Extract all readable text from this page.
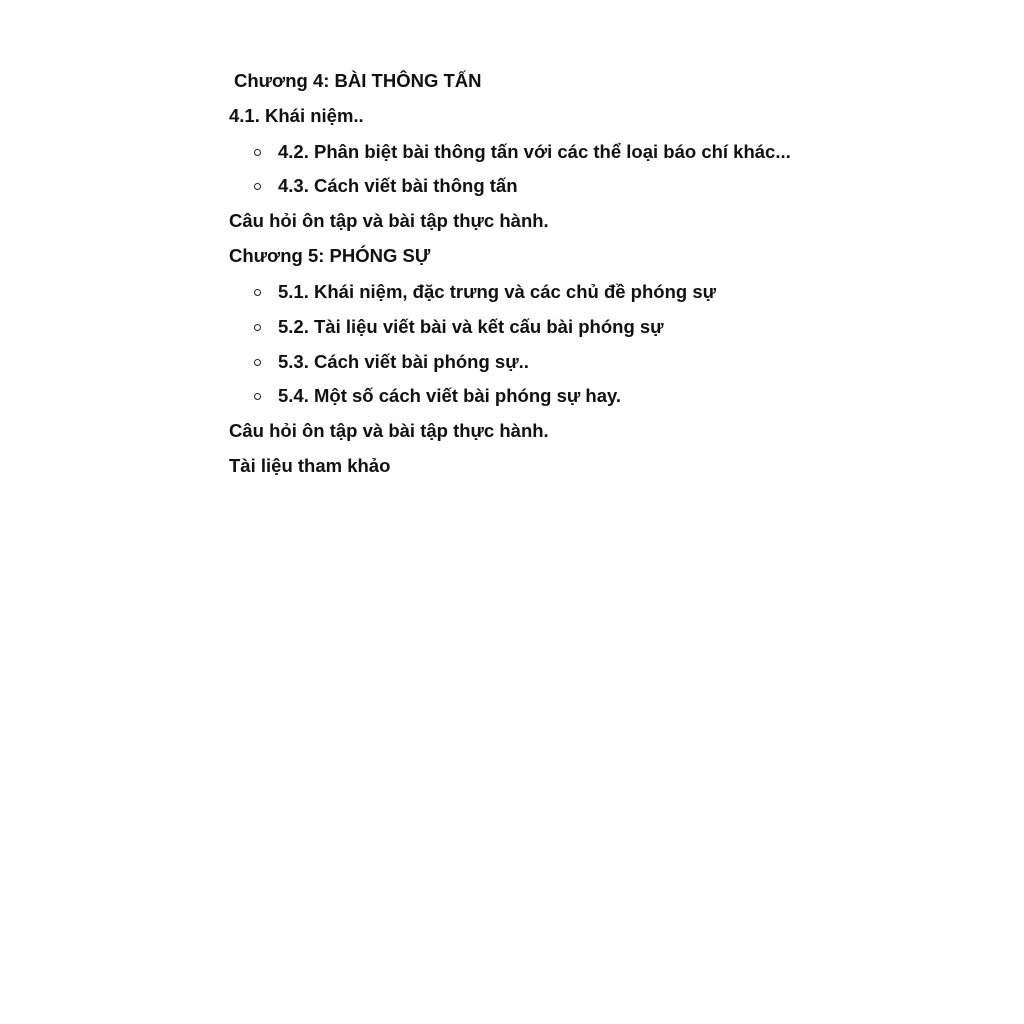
Chương 4: BÀI THÔNG TẤN
4.1. Khái niệm..
4.2. Phân biệt bài thông tấn với các thể loại báo chí khác...
4.3. Cách viết bài thông tấn
Câu hỏi ôn tập và bài tập thực hành.
Chương 5: PHÓNG SỰ
5.1. Khái niệm, đặc trưng và các chủ đề phóng sự
5.2. Tài liệu viết bài và kết cấu bài phóng sự
5.3. Cách viết bài phóng sự..
5.4. Một số cách viết bài phóng sự hay.
Câu hỏi ôn tập và bài tập thực hành.
Tài liệu tham khảo
